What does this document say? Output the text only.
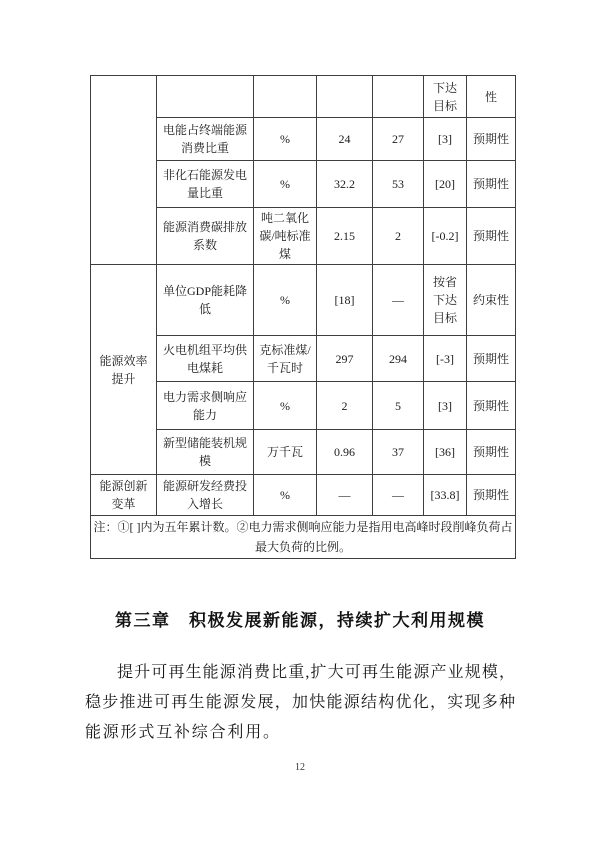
					下达目标	性
	电能占终端能源消费比重	%	24	27	[3]	预期性
	非化石能源发电量比重	%	32.2	53	[20]	预期性
	能源消费碳排放系数	吨二氧化碳/吨标准煤	2.15	2	[-0.2]	预期性
能源效率提升	单位GDP能耗降低	%	[18]	—	按省下达目标	约束性
	火电机组平均供电煤耗	克标准煤/千瓦时	297	294	[-3]	预期性
	电力需求侧响应能力	%	2	5	[3]	预期性
	新型储能装机规模	万千瓦	0.96	37	[36]	预期性
能源创新变革	能源研发经费投入增长	%	—	—	[33.8]	预期性
注：①[ ]内为五年累计数。②电力需求侧响应能力是指用电高峰时段削峰负荷占最大负荷的比例。						
第三章　积极发展新能源，持续扩大利用规模
提升可再生能源消费比重,扩大可再生能源产业规模，
稳步推进可再生能源发展，加快能源结构优化，实现多种
能源形式互补综合利用。
12
